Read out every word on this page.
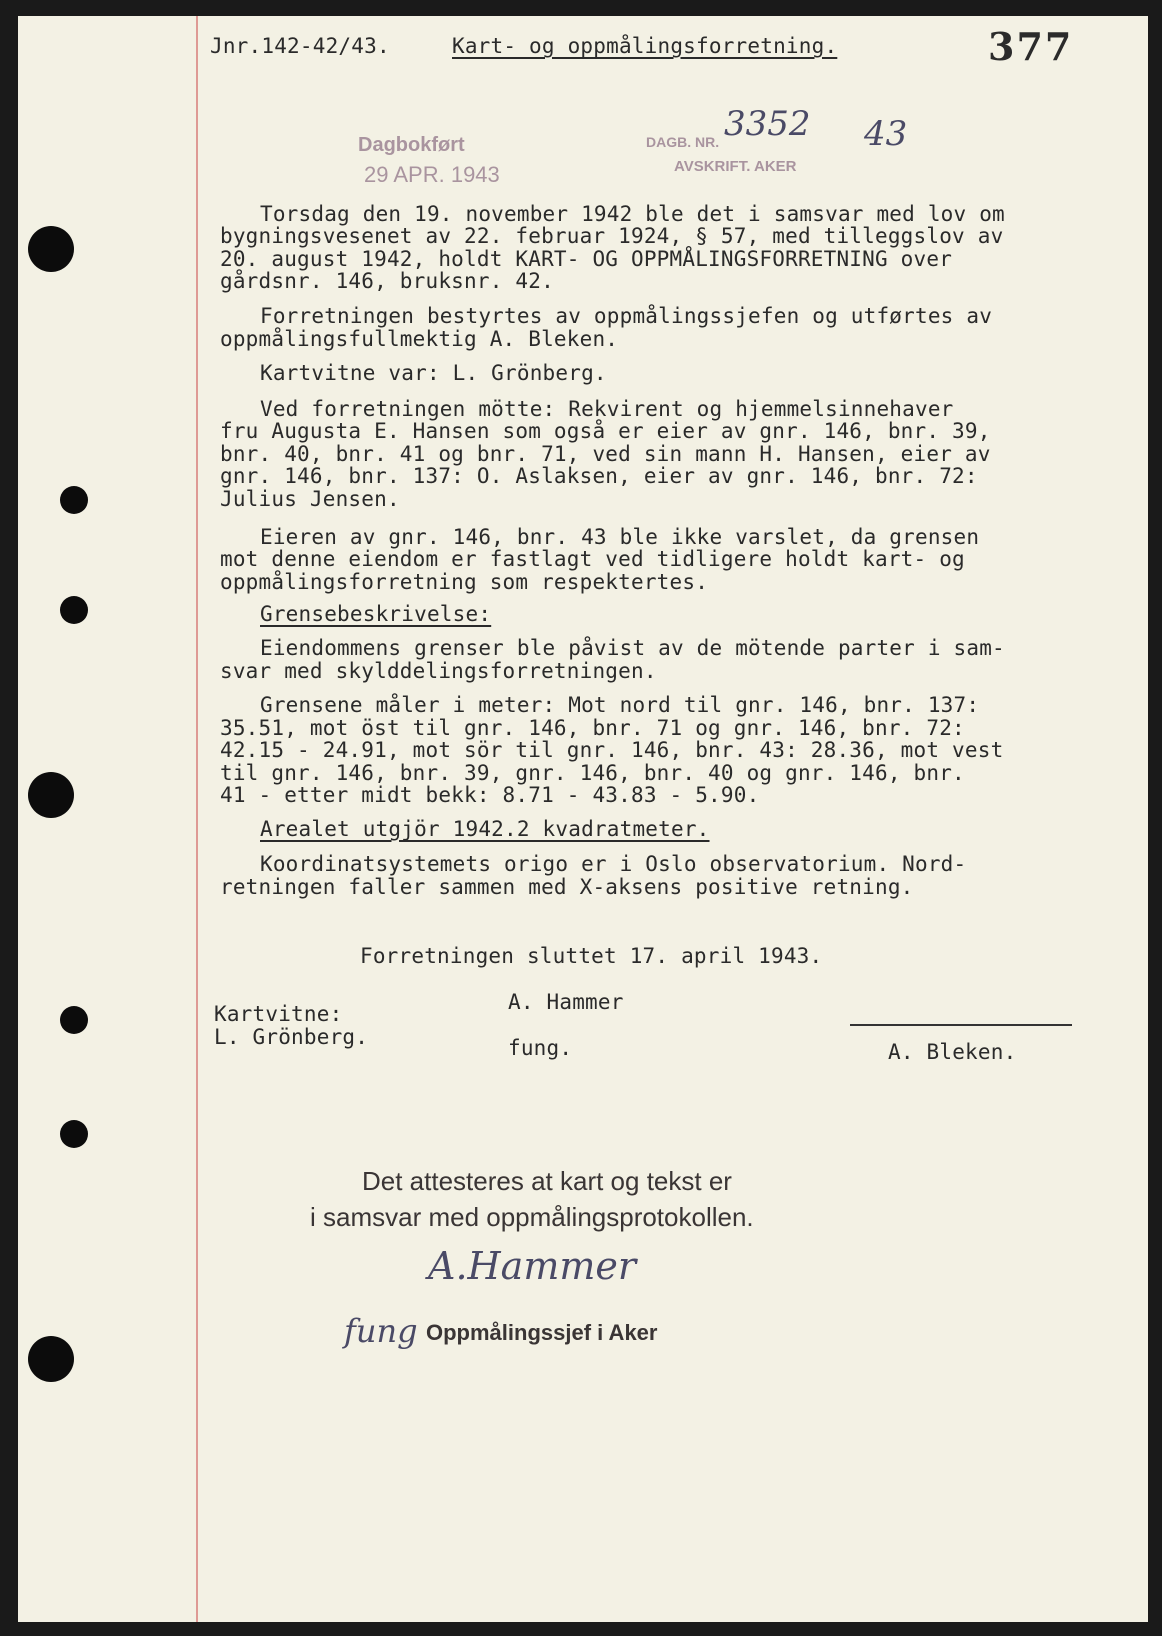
Jnr.142-42/43.	Kart- og oppmålingsforretning.	377
Dagbokført
29 APR. 1943
DAGB. NR. 3352 43
AVSKRIFT. AKER
Torsdag den 19. november 1942 ble det i samsvar med lov om
bygningsvesenet av 22. februar 1924, § 57, med tilleggslov av
20. august 1942, holdt KART- OG OPPMÅLINGSFORRETNING over
gårdsnr. 146, bruksnr. 42.
Forretningen bestyrtes av oppmålingssjefen og utførtes av
oppmålingsfullmektig A. Bleken.
Kartvitne var: L. Grönberg.
Ved forretningen mötte: Rekvirent og hjemmelsinnehaver
fru Augusta E. Hansen som også er eier av gnr. 146, bnr. 39,
bnr. 40, bnr. 41 og bnr. 71, ved sin mann H. Hansen, eier av
gnr. 146, bnr. 137: O. Aslaksen, eier av gnr. 146, bnr. 72:
Julius Jensen.
Eieren av gnr. 146, bnr. 43 ble ikke varslet, da grensen
mot denne eiendom er fastlagt ved tidligere holdt kart- og
oppmålingsforretning som respektertes.
Grensebeskrivelse:
Eiendommens grenser ble påvist av de mötende parter i sam-
svar med skylddelingsforretningen.
Grensene måler i meter: Mot nord til gnr. 146, bnr. 137:
35.51, mot öst til gnr. 146, bnr. 71 og gnr. 146, bnr. 72:
42.15 - 24.91, mot sör til gnr. 146, bnr. 43: 28.36, mot vest
til gnr. 146, bnr. 39, gnr. 146, bnr. 40 og gnr. 146, bnr.
41 - etter midt bekk: 8.71 - 43.83 - 5.90.
Arealet utgjör 1942.2 kvadratmeter.
Koordinatsystemets origo er i Oslo observatorium. Nord-
retningen faller sammen med X-aksens positive retning.
Forretningen sluttet 17. april 1943.
A. Hammer
Kartvitne:
L. Grönberg.	fung.	A. Bleken.
Det attesteres at kart og tekst er
i samsvar med oppmålingsprotokollen.
A.Hammer
fung Oppmålingssjef i Aker
